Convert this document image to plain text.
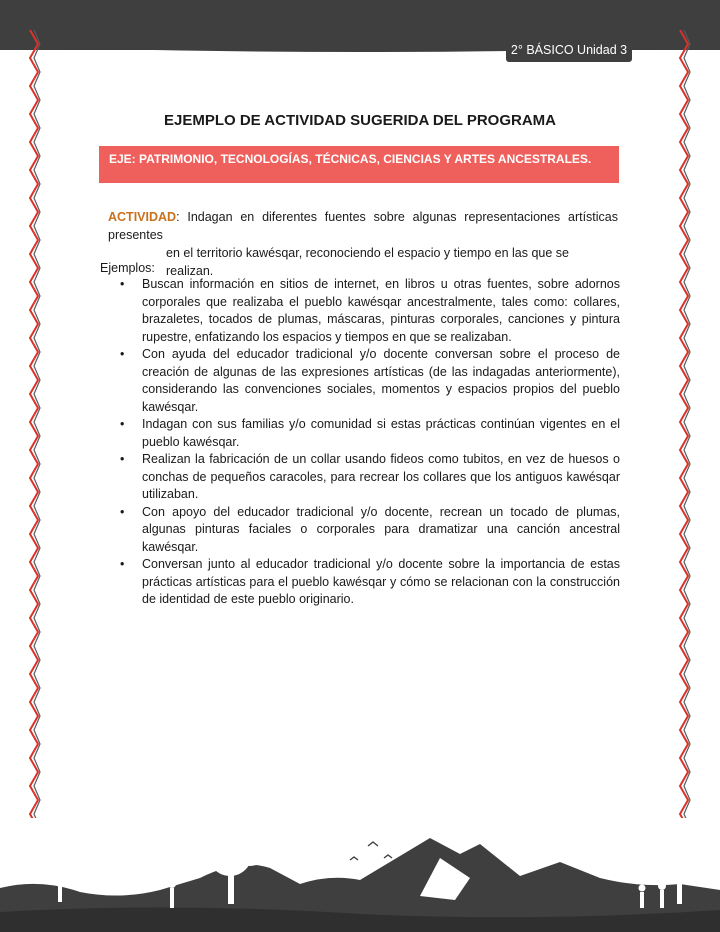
2° BÁSICO Unidad 3
EJEMPLO DE ACTIVIDAD SUGERIDA DEL PROGRAMA
EJE: PATRIMONIO, TECNOLOGÍAS, TÉCNICAS, CIENCIAS Y ARTES ANCESTRALES.
ACTIVIDAD: Indagan en diferentes fuentes sobre algunas representaciones artísticas presentes
en el territorio kawésqar, reconociendo el espacio y tiempo en las que se realizan.
Ejemplos:
• Buscan información en sitios de internet, en libros u otras fuentes, sobre adornos corporales que realizaba el pueblo kawésqar ancestralmente, tales como: collares, brazaletes, tocados de plumas, máscaras, pinturas corporales, canciones y pintura rupestre, enfatizando los espacios y tiempos en que se realizaban.
• Con ayuda del educador tradicional y/o docente conversan sobre el proceso de creación de algunas de las expresiones artísticas (de las indagadas anteriormente), considerando las convenciones sociales, momentos y espacios propios del pueblo kawésqar.
• Indagan con sus familias y/o comunidad si estas prácticas continúan vigentes en el pueblo kawésqar.
• Realizan la fabricación de un collar usando fideos como tubitos, en vez de huesos o conchas de pequeños caracoles, para recrear los collares que los antiguos kawésqar utilizaban.
• Con apoyo del educador tradicional y/o docente, recrean un tocado de plumas, algunas pinturas faciales o corporales para dramatizar una canción ancestral kawésqar.
• Conversan junto al educador tradicional y/o docente sobre la importancia de estas prácticas artísticas para el pueblo kawésqar y cómo se relacionan con la construcción de identidad de este pueblo originario.
